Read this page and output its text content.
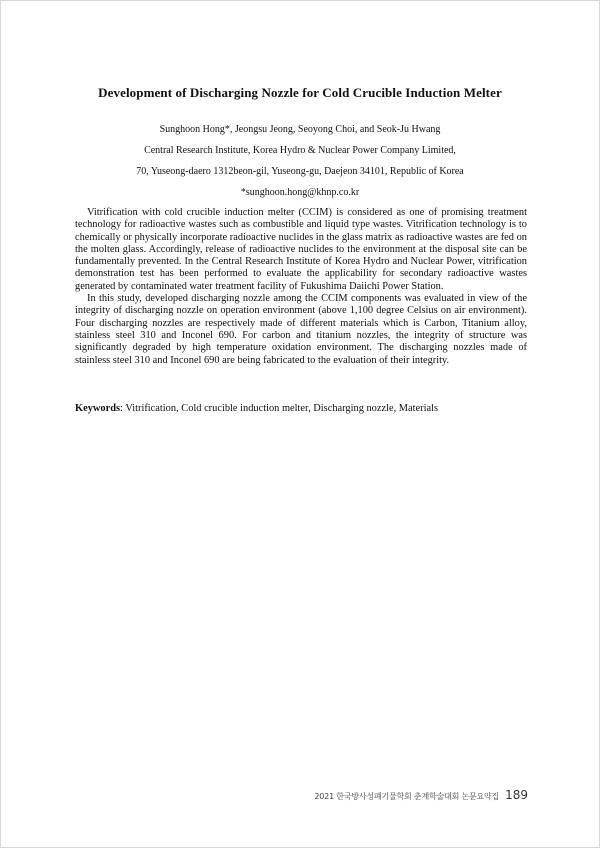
Development of Discharging Nozzle for Cold Crucible Induction Melter
Sunghoon Hong*, Jeongsu Jeong, Seoyong Choi, and Seok-Ju Hwang
Central Research Institute, Korea Hydro & Nuclear Power Company Limited,
70, Yuseong-daero 1312beon-gil, Yuseong-gu, Daejeon 34101, Republic of Korea
*sunghoon.hong@khnp.co.kr

Vitrification with cold crucible induction melter (CCIM) is considered as one of promising treatment technology for radioactive wastes such as combustible and liquid type wastes. Vitrification technology is to chemically or physically incorporate radioactive nuclides in the glass matrix as radioactive wastes are fed on the molten glass. Accordingly, release of radioactive nuclides to the environment at the disposal site can be fundamentally prevented. In the Central Research Institute of Korea Hydro and Nuclear Power, vitrification demonstration test has been performed to evaluate the applicability for secondary radioactive wastes generated by contaminated water treatment facility of Fukushima Daiichi Power Station.

In this study, developed discharging nozzle among the CCIM components was evaluated in view of the integrity of discharging nozzle on operation environment (above 1,100 degree Celsius on air environment). Four discharging nozzles are respectively made of different materials which is Carbon, Titanium alloy, stainless steel 310 and Inconel 690. For carbon and titanium nozzles, the integrity of structure was significantly degraded by high temperature oxidation environment. The discharging nozzles made of stainless steel 310 and Inconel 690 are being fabricated to the evaluation of their integrity.

Keywords: Vitrification, Cold crucible induction melter, Discharging nozzle, Materials
2021 한국방사성폐기물학회 춘계학술대회 논문요약집 189
